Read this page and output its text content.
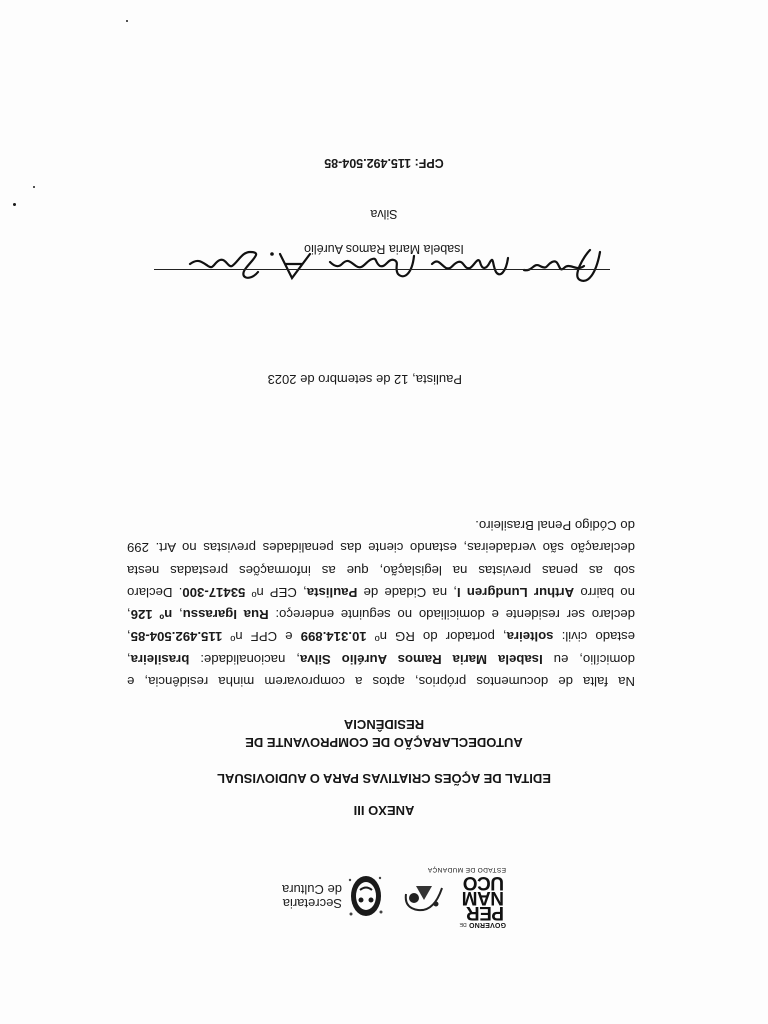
GOVERNO DE
PER
NAM
UCO
ESTADO DE MUDANÇA
Secretaria
de Cultura
ANEXO III
EDITAL DE AÇÕES CRIATIVAS PARA O AUDIOVISUAL
AUTODECLARAÇÃO DE COMPROVANTE DE
RESIDÊNCIA
Na falta de documentos próprios, aptos a comprovarem minha residência, e
domicílio, eu Isabela Maria Ramos Aurélio Silva, nacionalidade: brasileira,
estado civil: solteira, portador do RG nº 10.314.899 e CPF nº 115.492.504-85,
declaro ser residente e domiciliado no seguinte endereço: Rua Igarassu, nº 126,
no bairro Arthur Lundgren I, na Cidade de Paulista, CEP nº 53417-300. Declaro
sob as penas previstas na legislação, que as informações prestadas nesta
declaração são verdadeiras, estando ciente das penalidades previstas no Art. 299
do Código Penal Brasileiro.
Paulista, 12 de setembro de 2023
Isabela Maria Ramos Aurélio
Silva
CPF: 115.492.504-85
